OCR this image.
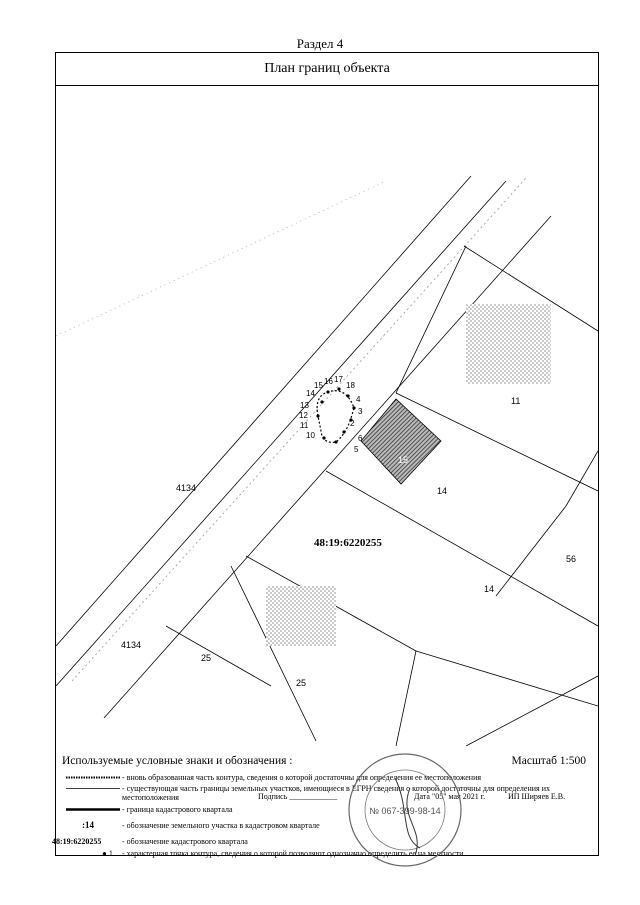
Раздел 4
План границ объекта
13
14
15 16 17
18
12
11
10	6
5
4
3
2
4134
4134
25
25
14
14
11
56
15
48:19:6220255
Используемые условные знаки и обозначения :	Масштаб 1:500
- вновь образованная часть контура, сведения о которой достаточны для определения ее местоположения
- существующая часть границы земельных участков, имеющиеся в ЕГРН сведения о которой достаточны для определения их местоположения
- граница кадастрового квартала
:14	- обозначение земельного участка в кадастровом квартале
48:19:6220255	- обозначение кадастрового квартала
● 1	- характерная точка контура, сведения о которой позволяют однозначно определить ее на местности
Подпись ____________	Дата "05" мая 2021 г.	ИП Ширяев Е.В.
№ 067-399-98-14
